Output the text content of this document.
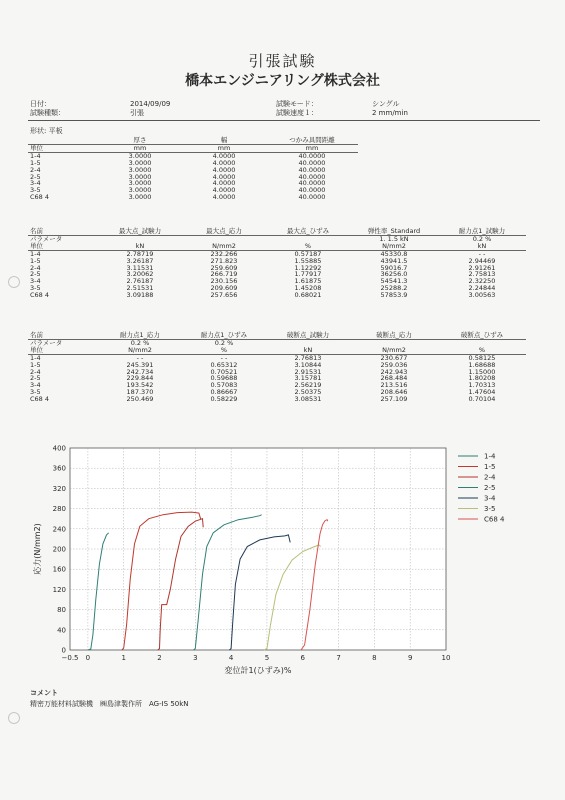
引張試験
橋本エンジニアリング株式会社
日付：	2014/09/09
試験種類：	引張
試験モード：	シングル
試験速度１：	2 mm/min
形状: 平板
	厚さ	幅	つかみ具間距離
単位	mm	mm	mm
1-4	3.0000	4.0000	40.0000
1-5	3.0000	4.0000	40.0000
2-4	3.0000	4.0000	40.0000
2-5	3.0000	4.0000	40.0000
3-4	3.0000	4.0000	40.0000
3-5	3.0000	4.0000	40.0000
C68 4	3.0000	4.0000	40.0000
名前	最大点_試験力	最大点_応力	最大点_ひずみ	弾性率_Standard	耐力点1_試験力
パラメータ				1. 1.5 kN	0.2 %
単位	kN	N/mm2	%	N/mm2	kN
1-4	2.78719	232.266	0.57187	45330.8	- -
1-5	3.26187	271.823	1.55885	43941.5	2.94469
2-4	3.11531	259.609	1.12292	59016.7	2.91261
2-5	3.20062	266.719	1.77917	36256.0	2.75813
3-4	2.76187	230.156	1.61875	54541.3	2.32250
3-5	2.51531	209.609	1.45208	25288.2	2.24844
C68 4	3.09188	257.656	0.68021	57853.9	3.00563
名前	耐力点1_応力	耐力点1_ひずみ	破断点_試験力	破断点_応力	破断点_ひずみ
パラメータ	0.2 %	0.2 %			
単位	N/mm2	%	kN	N/mm2	%
1-4	- -	- -	2.76813	230.677	0.58125
1-5	245.391	0.65312	3.10844	259.036	1.68688
2-4	242.734	0.70521	2.91531	242.943	1.15000
2-5	229.844	0.59688	3.15781	268.484	1.80208
3-4	193.542	0.57083	2.56219	213.516	1.70313
3-5	187.370	0.86667	2.50375	208.646	1.47604
C68 4	250.469	0.58229	3.08531	257.109	0.70104
0
40
80
120
160
200
240
280
320
360
400
−0.5 0	1	2	3	4	5	6	7	8	9	10
1-4
1-5
2-4
2-5
3-4
3-5
C68 4
変位計1(ひずみ)%
応力(N/mm2)
コメント
精密万能材料試験機　㈱島津製作所　AG-IS 50kN
